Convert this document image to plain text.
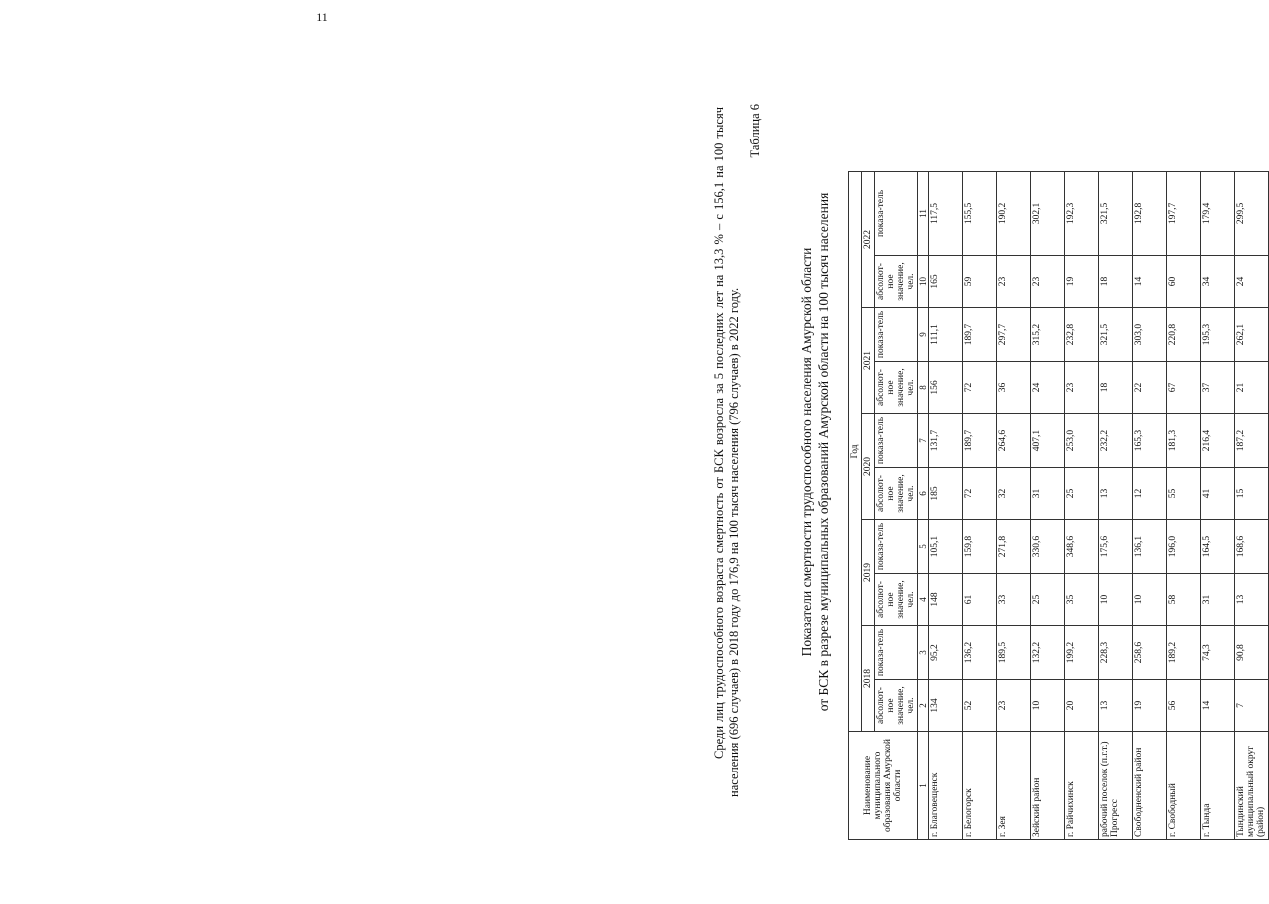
11

Среди лиц трудоспособного возраста смертность от БСК возросла за 5 последних лет на 13,3 % – с 156,1 на 100 тысяч населения (696 случаев) в 2018 году до 176,9 на 100 тысяч населения (796 случаев) в 2022 году.

Таблица 6
Показатели смертности трудоспособного населения Амурской области от БСК в разрезе муниципальных образований Амурской области на 100 тысяч населения
Наименование муниципального образования Амурской области	Год									
	2018		2019		2020		2021		2022	
	абсолют-ное значение, чел.	показа-тель	абсолют-ное значение, чел.	показа-тель	абсолют-ное значение, чел.	показа-тель	абсолют-ное значение, чел.	показа-тель	абсолют-ное значение, чел.	показа-тель
1	2	3	4	5	6	7	8	9	10	11
г. Благовещенск	134	95,2	148	105,1	185	131,7	156	111,1	165	117,5
г. Белогорск	52	136,2	61	159,8	72	189,7	72	189,7	59	155,5
г. Зея	23	189,5	33	271,8	32	264,6	36	297,7	23	190,2
Зейский район	10	132,2	25	330,6	31	407,1	24	315,2	23	302,1
г. Райчихинск	20	199,2	35	348,6	25	253,0	23	232,8	19	192,3
рабочий поселок (п.г.т.) Прогресс	13	228,3	10	175,6	13	232,2	18	321,5	18	321,5
Свободненский район	19	258,6	10	136,1	12	165,3	22	303,0	14	192,8
г. Свободный	56	189,2	58	196,0	55	181,3	67	220,8	60	197,7
г. Тында	14	74,3	31	164,5	41	216,4	37	195,3	34	179,4
Тындинский муниципальный округ (район)	7	90,8	13	168,6	15	187,2	21	262,1	24	299,5
